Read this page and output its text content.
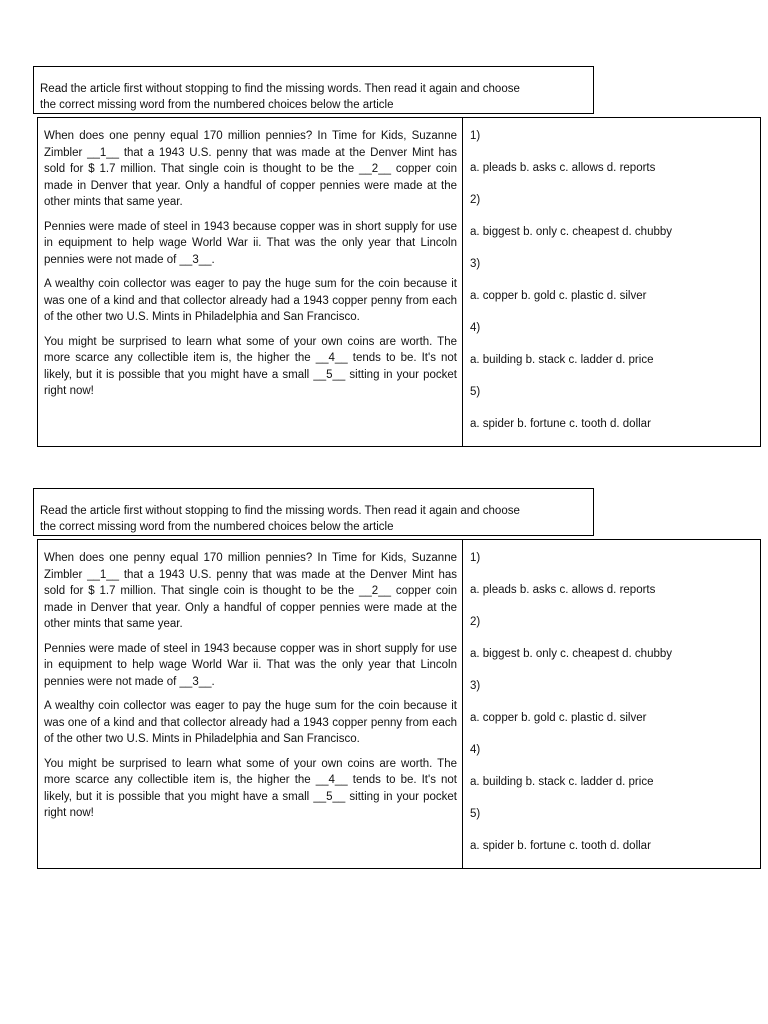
Read the article first without stopping to find the missing words. Then read it again and choose
the correct missing word from the numbered choices below the article

When does one penny equal 170 million pennies? In Time for Kids, Suzanne Zimbler __1__ that a 1943 U.S. penny that was made at the Denver Mint has sold for $ 1.7 million. That single coin is thought to be the __2__ copper coin made in Denver that year. Only a handful of copper pennies were made at the other mints that same year.

Pennies were made of steel in 1943 because copper was in short supply for use in equipment to help wage World War ii. That was the only year that Lincoln pennies were not made of __3__.

A wealthy coin collector was eager to pay the huge sum for the coin because it was one of a kind and that collector already had a 1943 copper penny from each of the other two U.S. Mints in Philadelphia and San Francisco.

You might be surprised to learn what some of your own coins are worth. The more scarce any collectible item is, the higher the __4__ tends to be. It's not likely, but it is possible that you might have a small __5__ sitting in your pocket right now!

1)
a. pleads b. asks c. allows d. reports
2)
a. biggest b. only c. cheapest d. chubby
3)
a. copper b. gold c. plastic d. silver
4)
a. building b. stack c. ladder d. price
5)
a. spider b. fortune c. tooth d. dollar
Read the article first without stopping to find the missing words. Then read it again and choose
the correct missing word from the numbered choices below the article

When does one penny equal 170 million pennies? In Time for Kids, Suzanne Zimbler __1__ that a 1943 U.S. penny that was made at the Denver Mint has sold for $ 1.7 million. That single coin is thought to be the __2__ copper coin made in Denver that year. Only a handful of copper pennies were made at the other mints that same year.

Pennies were made of steel in 1943 because copper was in short supply for use in equipment to help wage World War ii. That was the only year that Lincoln pennies were not made of __3__.

A wealthy coin collector was eager to pay the huge sum for the coin because it was one of a kind and that collector already had a 1943 copper penny from each of the other two U.S. Mints in Philadelphia and San Francisco.

You might be surprised to learn what some of your own coins are worth. The more scarce any collectible item is, the higher the __4__ tends to be. It's not likely, but it is possible that you might have a small __5__ sitting in your pocket right now!

1)
a. pleads b. asks c. allows d. reports
2)
a. biggest b. only c. cheapest d. chubby
3)
a. copper b. gold c. plastic d. silver
4)
a. building b. stack c. ladder d. price
5)
a. spider b. fortune c. tooth d. dollar
